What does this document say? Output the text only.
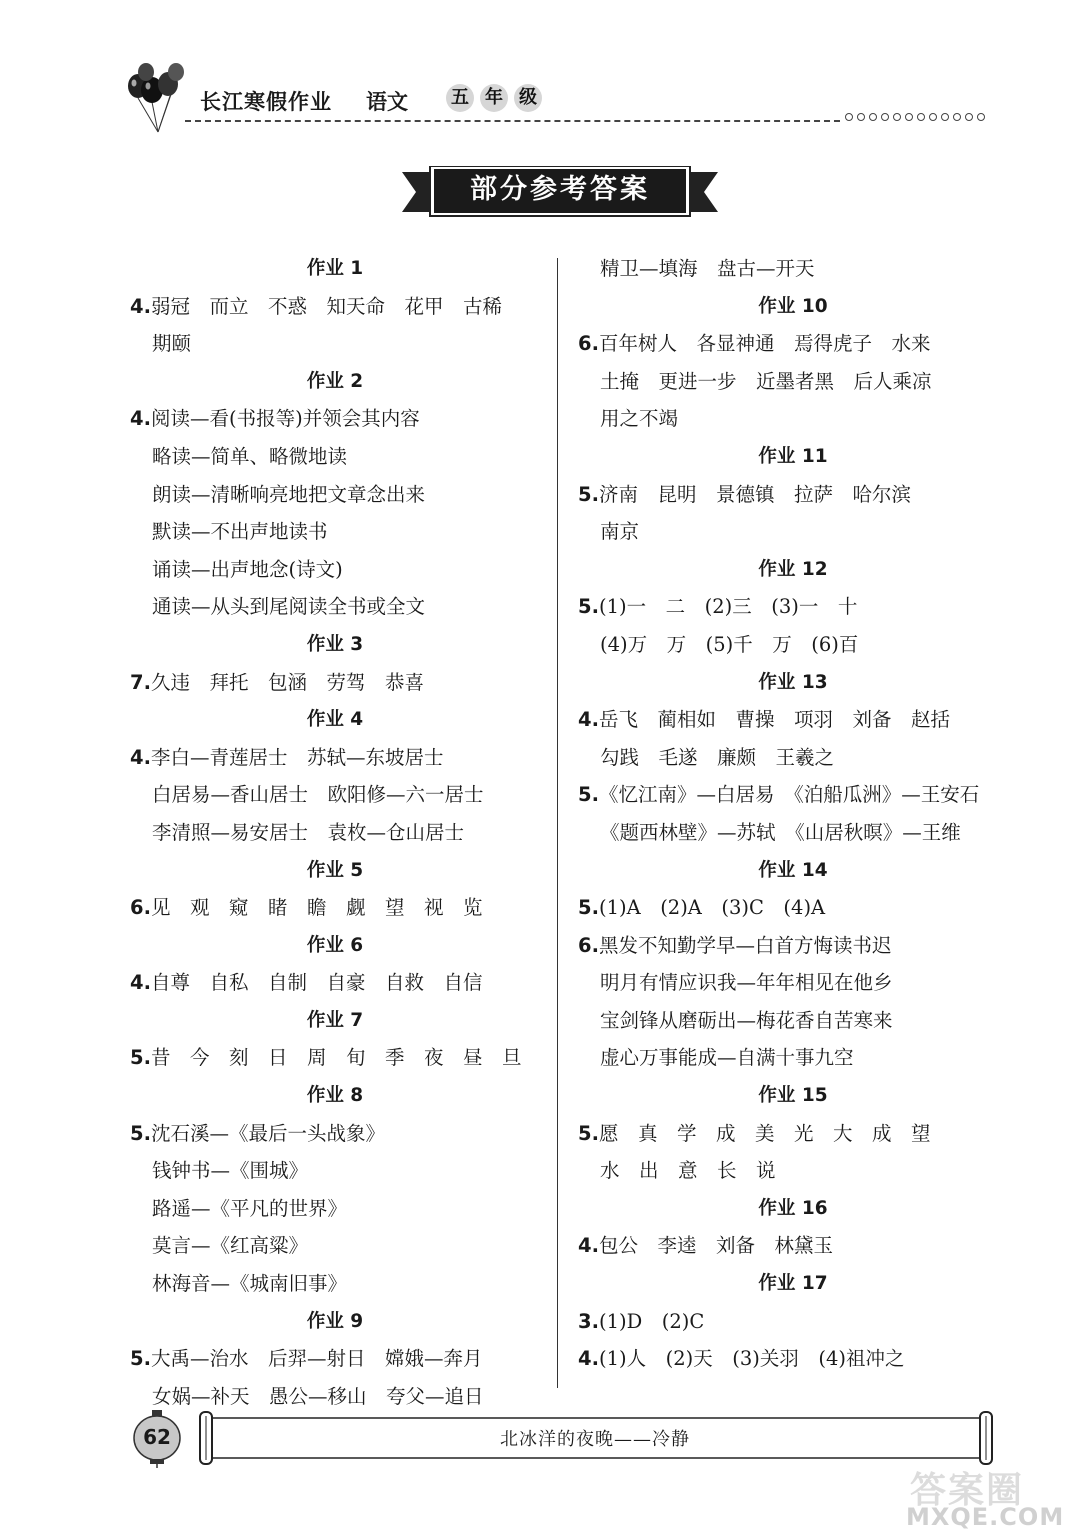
长江寒假作业 语文 五 年 级
部分参考答案
作业 1
4.弱冠　而立　不惑　知天命　花甲　古稀
期颐
作业 2
4.阅读—看(书报等)并领会其内容
略读—简单、略微地读
朗读—清晰响亮地把文章念出来
默读—不出声地读书
诵读—出声地念(诗文)
通读—从头到尾阅读全书或全文
作业 3
7.久违　拜托　包涵　劳驾　恭喜
作业 4
4.李白—青莲居士　苏轼—东坡居士
白居易—香山居士　欧阳修—六一居士
李清照—易安居士　袁枚—仓山居士
作业 5
6.见　观　窥　睹　瞻　觑　望　视　览
作业 6
4.自尊　自私　自制　自豪　自救　自信
作业 7
5.昔　今　刻　日　周　旬　季　夜　昼　旦
作业 8
5.沈石溪—《最后一头战象》
钱钟书—《围城》
路遥—《平凡的世界》
莫言—《红高粱》
林海音—《城南旧事》
作业 9
5.大禹—治水　后羿—射日　嫦娥—奔月
女娲—补天　愚公—移山　夸父—追日
精卫—填海　盘古—开天
作业 10
6.百年树人　各显神通　焉得虎子　水来
土掩　更进一步　近墨者黑　后人乘凉
用之不竭
作业 11
5.济南　昆明　景德镇　拉萨　哈尔滨
南京
作业 12
5.(1)一　二　(2)三　(3)一　十
(4)万　万　(5)千　万　(6)百
作业 13
4.岳飞　蔺相如　曹操　项羽　刘备　赵括
勾践　毛遂　廉颇　王羲之
5.《忆江南》—白居易　《泊船瓜洲》—王安石
《题西林壁》—苏轼　《山居秋暝》—王维
作业 14
5.(1)A　(2)A　(3)C　(4)A
6.黑发不知勤学早—白首方悔读书迟
明月有情应识我—年年相见在他乡
宝剑锋从磨砺出—梅花香自苦寒来
虚心万事能成—自满十事九空
作业 15
5.愿　真　学　成　美　光　大　成　望
水　出　意　长　说
作业 16
4.包公　李逵　刘备　林黛玉
作业 17
3.(1)D　(2)C
4.(1)人　(2)天　(3)关羽　(4)祖冲之
62	北冰洋的夜晚——冷静
答案圈
MXQE.COM
